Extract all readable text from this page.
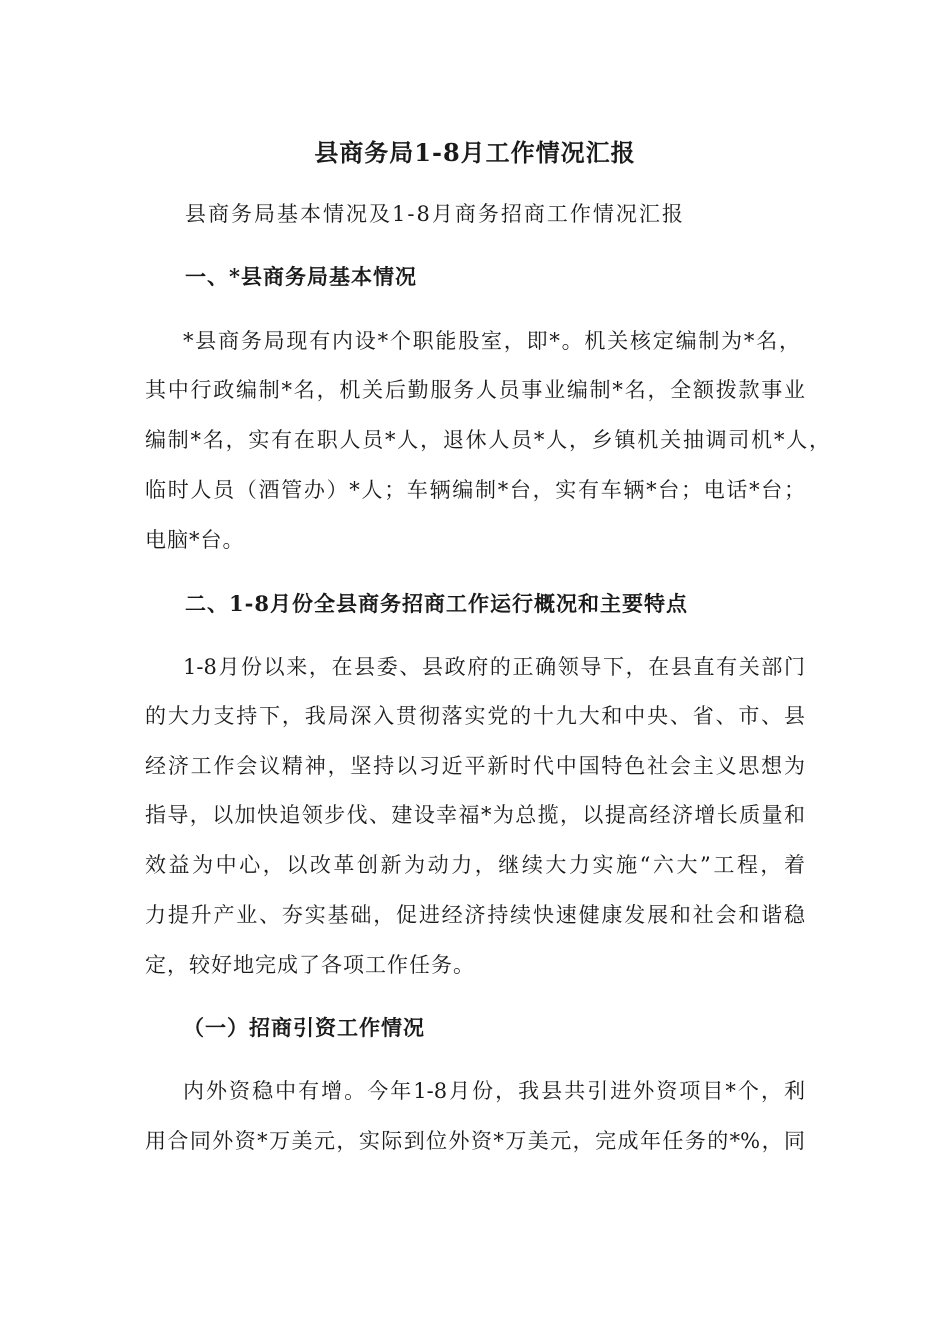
县商务局1-8月工作情况汇报
县商务局基本情况及1-8月商务招商工作情况汇报
一、*县商务局基本情况
*县商务局现有内设*个职能股室，即*。机关核定编制为*名，
其中行政编制*名，机关后勤服务人员事业编制*名，全额拨款事业
编制*名，实有在职人员*人，退休人员*人，乡镇机关抽调司机*人，
临时人员（酒管办）*人；车辆编制*台，实有车辆*台；电话*台；
电脑*台。
二、1-8月份全县商务招商工作运行概况和主要特点
1-8月份以来，在县委、县政府的正确领导下，在县直有关部门
的大力支持下，我局深入贯彻落实党的十九大和中央、省、市、县
经济工作会议精神，坚持以习近平新时代中国特色社会主义思想为
指导，以加快追领步伐、建设幸福*为总揽，以提高经济增长质量和
效益为中心，以改革创新为动力，继续大力实施“六大”工程，着
力提升产业、夯实基础，促进经济持续快速健康发展和社会和谐稳
定，较好地完成了各项工作任务。
（一）招商引资工作情况
内外资稳中有增。今年1-8月份，我县共引进外资项目*个，利
用合同外资*万美元，实际到位外资*万美元，完成年任务的*%，同
